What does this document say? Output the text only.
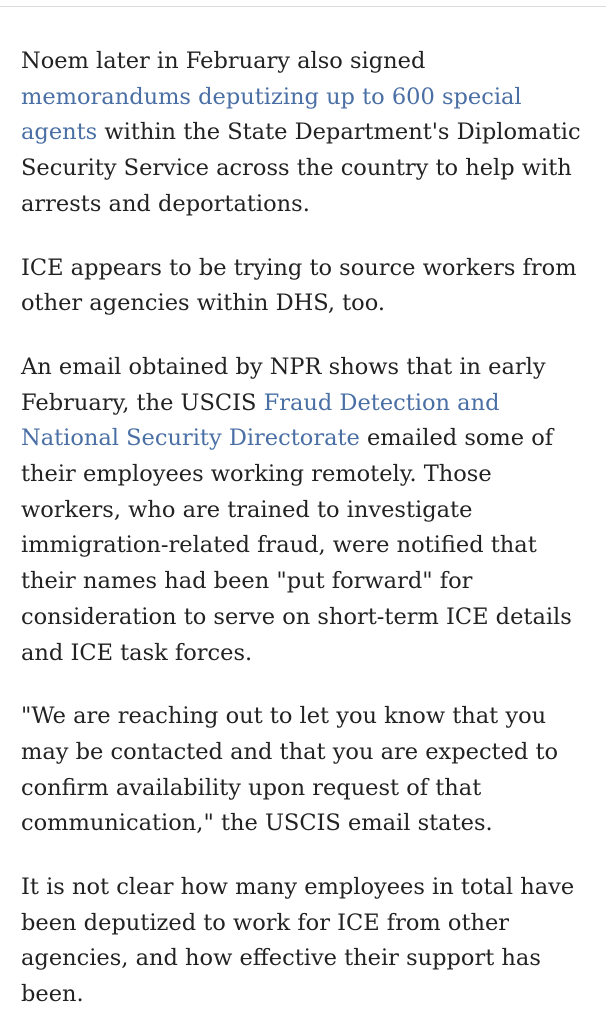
Noem later in February also signed memorandums deputizing up to 600 special agents within the State Department's Diplomatic Security Service across the country to help with arrests and deportations.

ICE appears to be trying to source workers from other agencies within DHS, too.

An email obtained by NPR shows that in early February, the USCIS Fraud Detection and National Security Directorate emailed some of their employees working remotely. Those workers, who are trained to investigate immigration-related fraud, were notified that their names had been "put forward" for consideration to serve on short-term ICE details and ICE task forces.

"We are reaching out to let you know that you may be contacted and that you are expected to confirm availability upon request of that communication," the USCIS email states.

It is not clear how many employees in total have been deputized to work for ICE from other agencies, and how effective their support has been.
